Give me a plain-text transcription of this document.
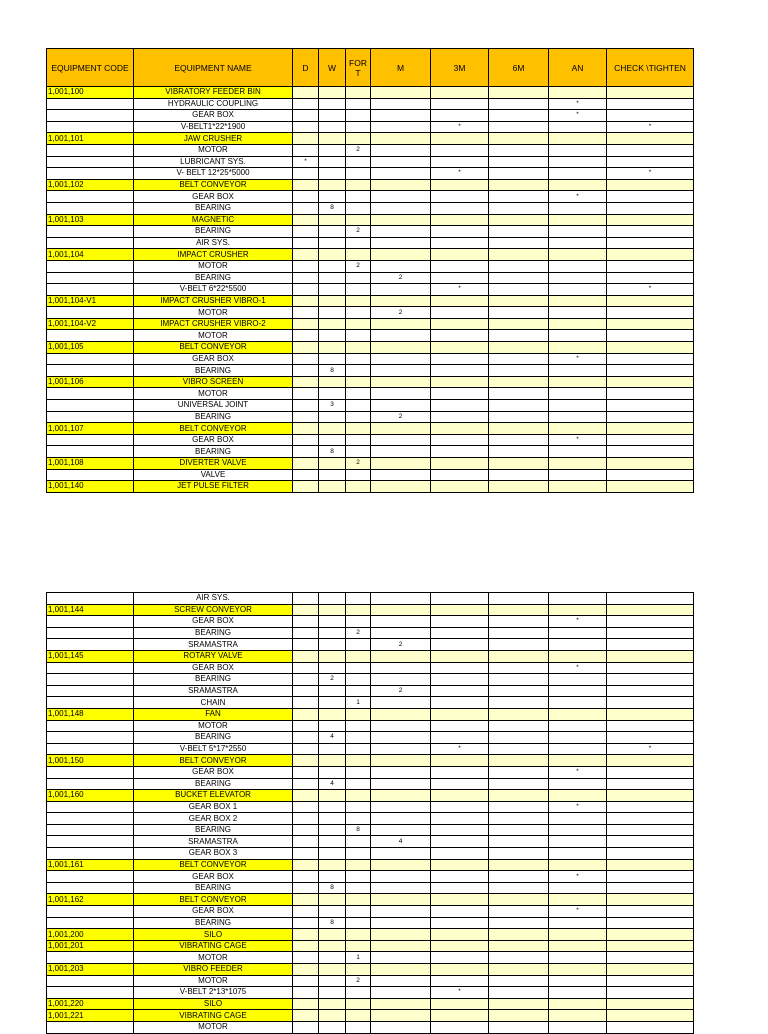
EQUIPMENT CODE	EQUIPMENT NAME	D	W	FOR T	M	3M	6M	AN	CHECK \TIGHTEN
1,001,100	VIBRATORY FEEDER BIN								
	HYDRAULIC COUPLING							*	
	GEAR BOX							*	
	V-BELT1*22*1900					*			*
1,001,101	JAW CRUSHER								
	MOTOR			2					
	LUBRICANT SYS.	*							
	V- BELT 12*25*5000					*			*
1,001,102	BELT CONVEYOR								
	GEAR BOX							*	
	BEARING		8						
1,001,103	MAGNETIC								
	BEARING			2					
	AIR SYS.								
1,001,104	IMPACT CRUSHER								
	MOTOR			2					
	BEARING				2				
	V-BELT 6*22*5500					*			*
1,001,104-V1	IMPACT CRUSHER VIBRO-1								
	MOTOR				2				
1,001,104-V2	IMPACT CRUSHER VIBRO-2								
	MOTOR								
1,001,105	BELT CONVEYOR								
	GEAR BOX							*	
	BEARING		8						
1,001,106	VIBRO SCREEN								
	MOTOR								
	UNIVERSAL JOINT		3						
	BEARING				2				
1,001,107	BELT CONVEYOR								
	GEAR BOX							*	
	BEARING		8						
1,001,108	DIVERTER VALVE			2					
	VALVE								
1,001,140	JET PULSE FILTER								
	AIR SYS.								
1,001,144	SCREW CONVEYOR								
	GEAR BOX							*	
	BEARING			2					
	SRAMASTRA				2				
1,001,145	ROTARY VALVE								
	GEAR BOX							*	
	BEARING		2						
	SRAMASTRA				2				
	CHAIN			1					
1,001,148	FAN								
	MOTOR								
	BEARING		4						
	V-BELT 5*17*2550					*			*
1,001,150	BELT CONVEYOR								
	GEAR BOX							*	
	BEARING		4						
1,001,160	BUCKET ELEVATOR								
	GEAR BOX 1							*	
	GEAR BOX 2								
	BEARING			8					
	SRAMASTRA				4				
	GEAR BOX 3								
1,001,161	BELT CONVEYOR								
	GEAR BOX							*	
	BEARING		8						
1,001,162	BELT CONVEYOR								
	GEAR BOX							*	
	BEARING		8						
1,001,200	SILO								
1,001,201	VIBRATING CAGE								
	MOTOR			1					
1,001,203	VIBRO FEEDER								
	MOTOR			2					
	V-BELT 2*13*1075					*			
1,001,220	SILO								
1,001,221	VIBRATING CAGE								
	MOTOR								
